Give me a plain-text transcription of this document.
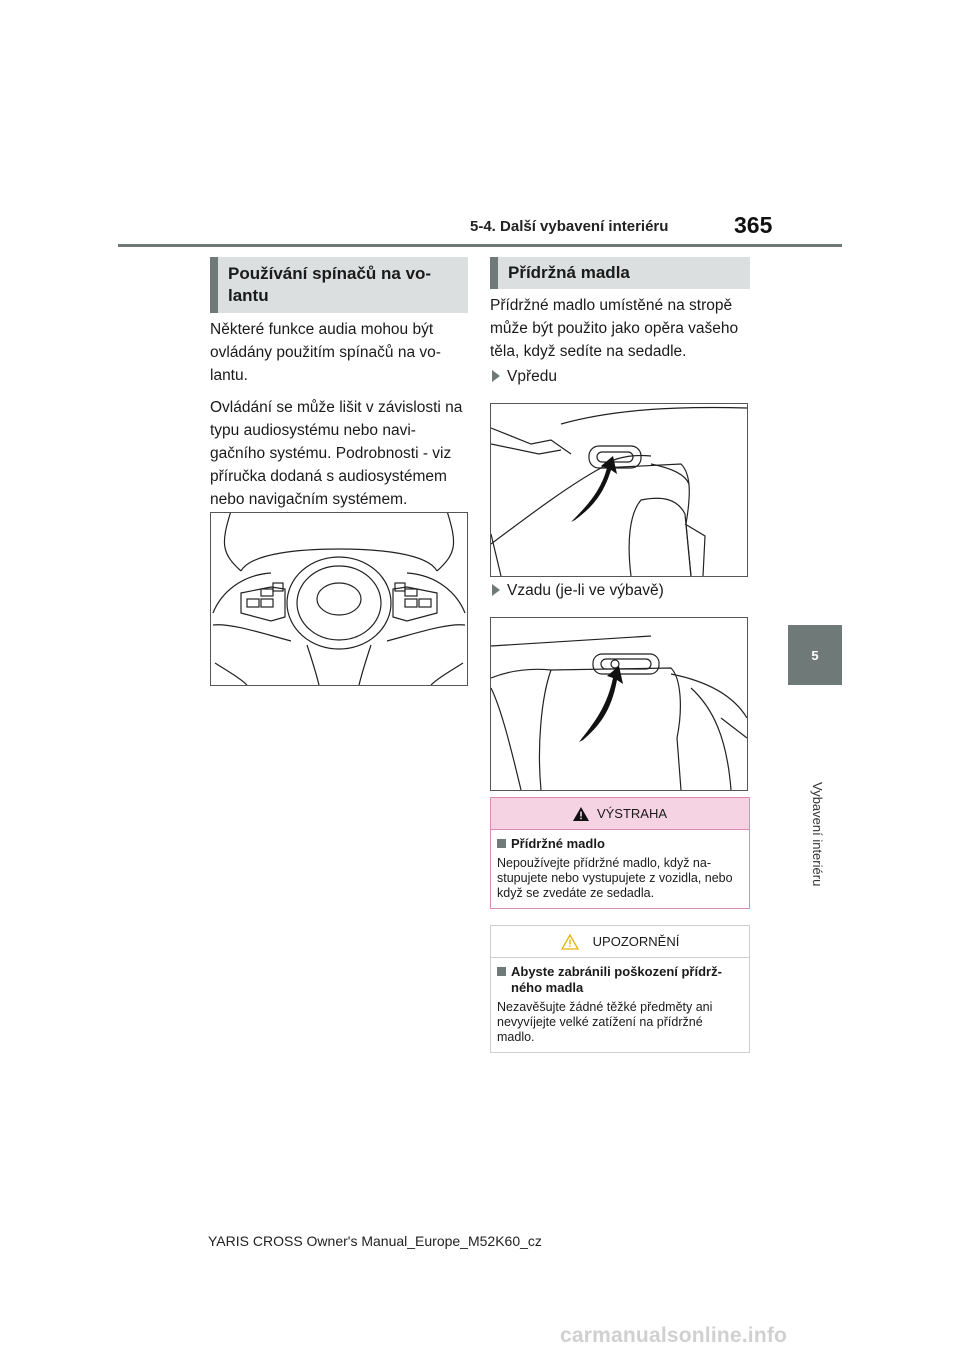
5-4. Další vybavení interiéru	365
5
Vybavení interiéru
Používání spínačů na vo-
lantu

Některé funkce audia mohou být ovládány použitím spínačů na vo-lantu.

Ovládání se může lišit v závislosti na typu audiosystému nebo navi-gačního systému. Podrobnosti - viz příručka dodaná s audiosystémem nebo navigačním systémem.

Přídržná madla

Přídržné madlo umístěné na stropě může být použito jako opěra vašeho těla, když sedíte na sedadle.

Vpředu
Vzadu (je-li ve výbavě)
VÝSTRAHA
Přídržné madlo
Nepoužívejte přídržné madlo, když na-stupujete nebo vystupujete z vozidla, nebo když se zvedáte ze sedadla.
UPOZORNĚNÍ
Abyste zabránili poškození přídrž-ného madla
Nezavěšujte žádné těžké předměty ani nevyvíjejte velké zatížení na přídržné madlo.
YARIS CROSS Owner's Manual_Europe_M52K60_cz
carmanualsonline.info
